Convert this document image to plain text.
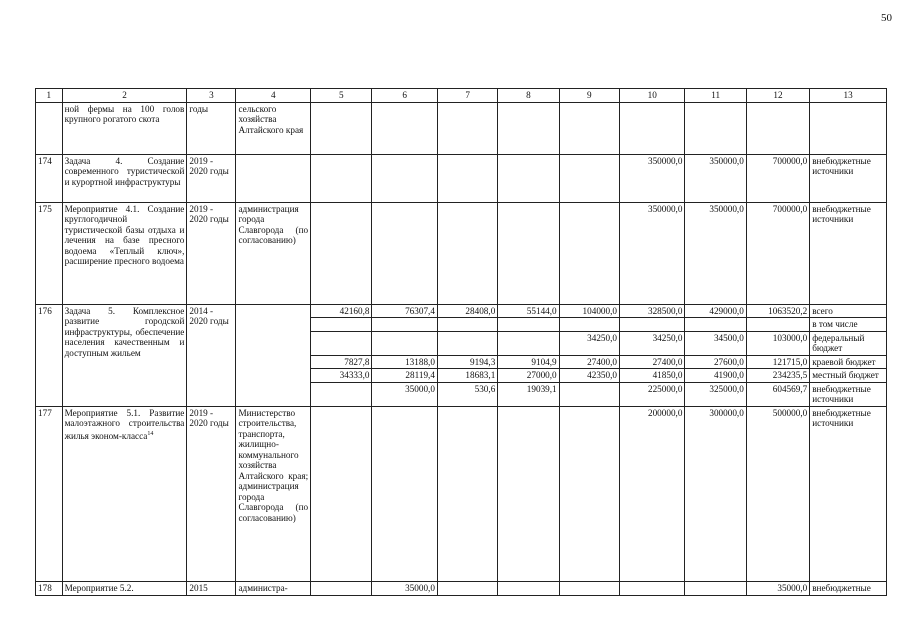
50
1	2	3	4	5	6	7	8	9	10	11	12	13
	ной фермы на 100 голов крупного рогатого скота	годы	сельского хозяйства Алтайского края									
174	Задача 4. Создание современного туристической и курортной инфраструктуры	2019 - 2020 годы							350000,0	350000,0	700000,0	внебюджетные источники
175	Мероприятие 4.1. Создание круглогодичной туристической базы отдыха и лечения на базе пресного водоема «Теплый ключ», расширение пресного водоема	2019 - 2020 годы	администрация города Славгорода (по согласованию)						350000,0	350000,0	700000,0	внебюджетные источники
176	Задача 5. Комплексное развитие городской инфраструктуры, обеспечение населения качественным и доступным жильем	2014 - 2020 годы		42160,8	76307,4	28408,0	55144,0	104000,0	328500,0	429000,0	1063520,2	всего
												в том числе
								34250,0	34250,0	34500,0	103000,0	федеральный бюджет
				7827,8	13188,0	9194,3	9104,9	27400,0	27400,0	27600,0	121715,0	краевой бюджет
				34333,0	28119,4	18683,1	27000,0	42350,0	41850,0	41900,0	234235,5	местный бюджет
					35000,0	530,6	19039,1		225000,0	325000,0	604569,7	внебюджетные источники
177	Мероприятие 5.1. Развитие малоэтажного строительства жилья эконом-класса$^{14}$	2019 - 2020 годы	Министерство строительства, транспорта, жилищно-коммунального хозяйства Алтайского края; администрация города Славгорода (по согласованию)						200000,0	300000,0	500000,0	внебюджетные источники
178	Мероприятие 5.2.	2015	администра-		35000,0						35000,0	внебюджетные
